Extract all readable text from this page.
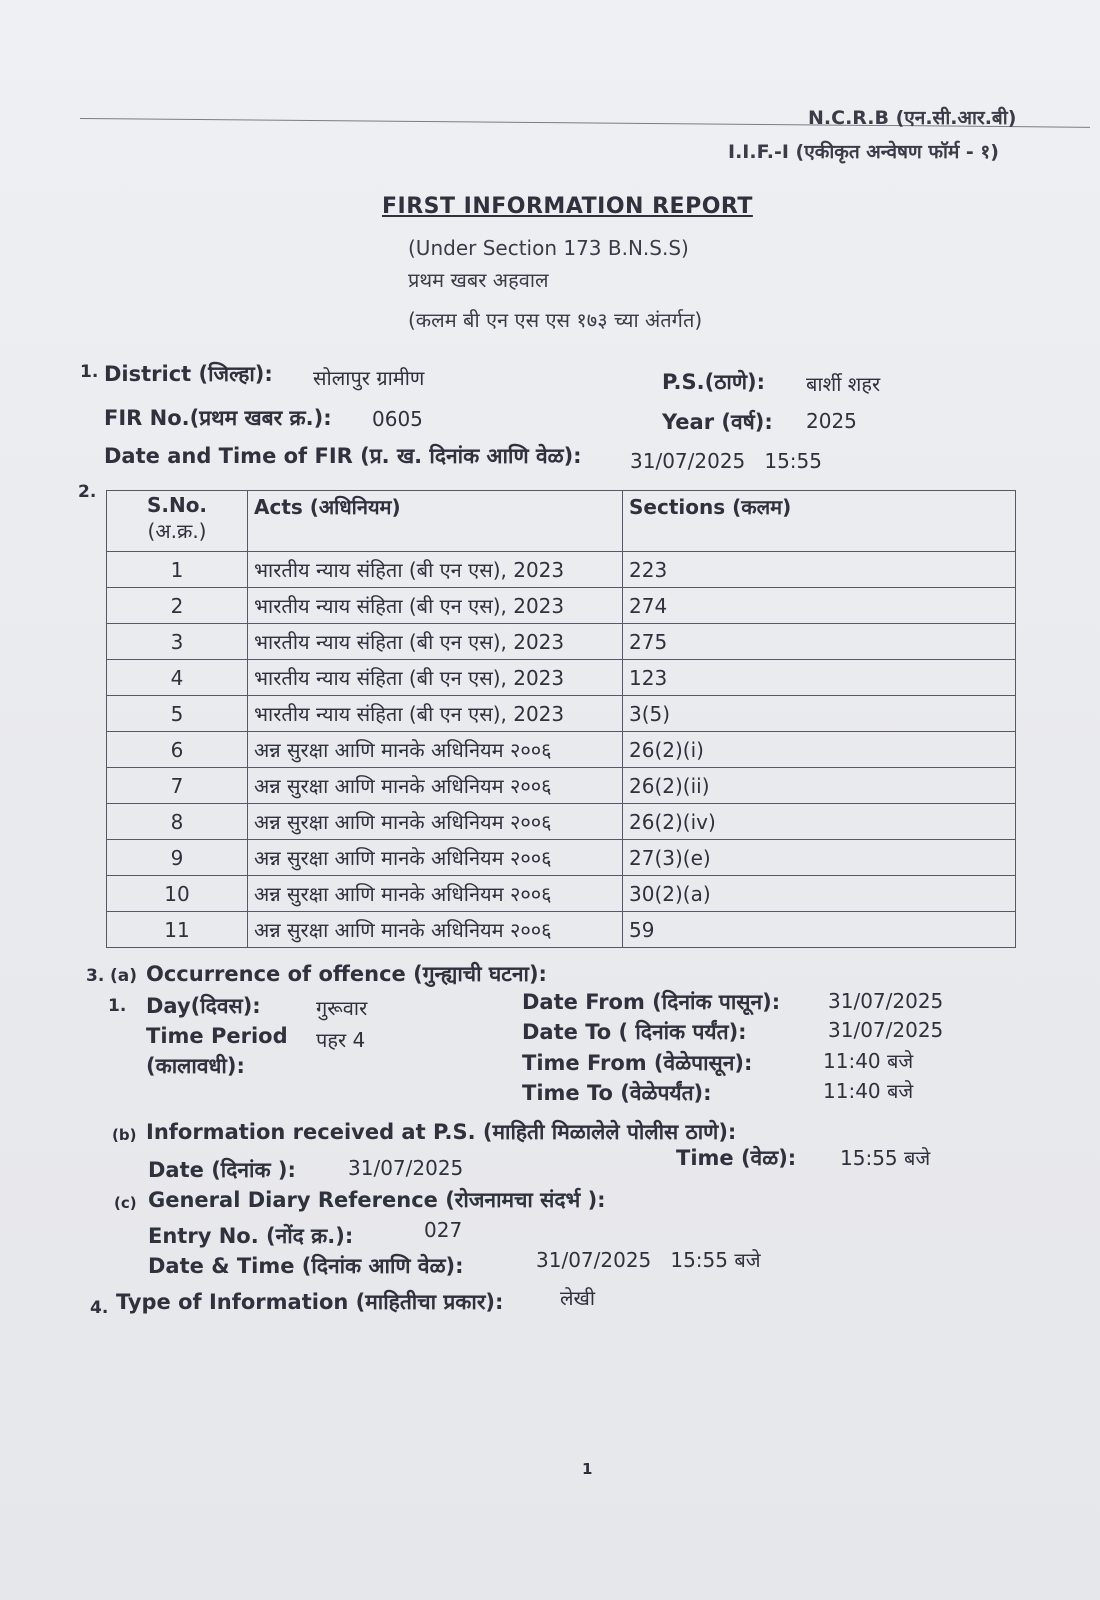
N.C.R.B (एन.सी.आर.बी)
I.I.F.-I (एकीकृत अन्वेषण फॉर्म - १)
FIRST INFORMATION REPORT
(Under Section 173 B.N.S.S)
प्रथम खबर अहवाल
(कलम बी एन एस एस १७३ च्या अंतर्गत)
1. District (जिल्हा): सोलापुर ग्रामीण	P.S.(ठाणे): बार्शी शहर
FIR No.(प्रथम खबर क्र.): 0605	Year (वर्ष): 2025
Date and Time of FIR (प्र. ख. दिनांक आणि वेळ): 31/07/2025   15:55
2.
S.No.
(अ.क्र.)	Acts (अधिनियम)	Sections (कलम)
1	भारतीय न्याय संहिता (बी एन एस), 2023	223
2	भारतीय न्याय संहिता (बी एन एस), 2023	274
3	भारतीय न्याय संहिता (बी एन एस), 2023	275
4	भारतीय न्याय संहिता (बी एन एस), 2023	123
5	भारतीय न्याय संहिता (बी एन एस), 2023	3(5)
6	अन्न सुरक्षा आणि मानके अधिनियम २००६	26(2)(i)
7	अन्न सुरक्षा आणि मानके अधिनियम २००६	26(2)(ii)
8	अन्न सुरक्षा आणि मानके अधिनियम २००६	26(2)(iv)
9	अन्न सुरक्षा आणि मानके अधिनियम २००६	27(3)(e)
10	अन्न सुरक्षा आणि मानके अधिनियम २००६	30(2)(a)
11	अन्न सुरक्षा आणि मानके अधिनियम २००६	59
3. (a) Occurrence of offence (गुन्ह्याची घटना):
1. Day(दिवस):	गुरूवार
Time Period पहर 4
(कालावधी):
Date From (दिनांक पासून): 31/07/2025
Date To ( दिनांक पर्यंत):	31/07/2025
Time From (वेळेपासून):	11:40 बजे
Time To (वेळेपर्यंत):	11:40 बजे
(b) Information received at P.S. (माहिती मिळालेले पोलीस ठाणे):
Date (दिनांक ):	31/07/2025	Time (वेळ): 15:55 बजे
(c) General Diary Reference (रोजनामचा संदर्भ ):
Entry No. (नोंद क्र.):	027
Date & Time (दिनांक आणि वेळ):	31/07/2025   15:55 बजे
4. Type of Information (माहितीचा प्रकार):	लेखी
1
